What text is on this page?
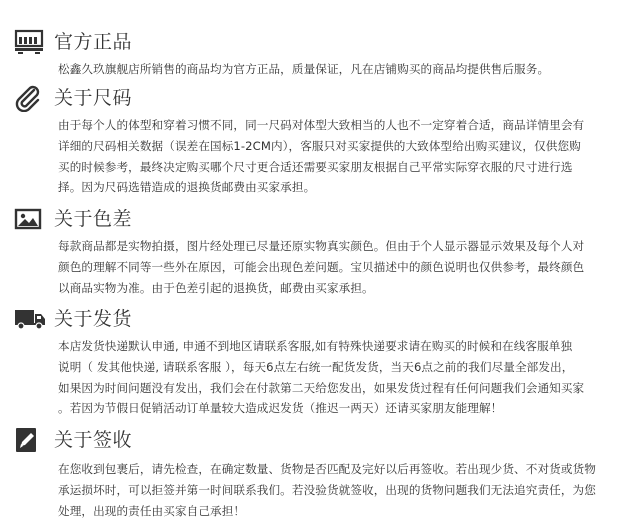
官方正品
松鑫久玖旗舰店所销售的商品均为官方正品，质量保证，凡在店铺购买的商品均提供售后服务。
关于尺码
由于每个人的体型和穿着习惯不同，同一尺码对体型大致相当的人也不一定穿着合适，商品详情里会有
详细的尺码相关数据（误差在国标1-2CM内），客服只对买家提供的大致体型给出购买建议，仅供您购
买的时候参考，最终决定购买哪个尺寸更合适还需要买家朋友根据自己平常实际穿衣服的尺寸进行选
择。因为尺码选错造成的退换货邮费由买家承担。
关于色差
每款商品都是实物拍摄，图片经处理已尽量还原实物真实颜色。但由于个人显示器显示效果及每个人对
颜色的理解不同等一些外在原因，可能会出现色差问题。宝贝描述中的颜色说明也仅供参考，最终颜色
以商品实物为准。由于色差引起的退换货，邮费由买家承担。
关于发货
本店发货快递默认申通, 申通不到地区请联系客服,如有特殊快递要求请在购买的时候和在线客服单独
说明（ 发其他快递, 请联系客服 ），每天6点左右统一配货发货，当天6点之前的我们尽量全部发出，
如果因为时间问题没有发出，我们会在付款第二天给您发出，如果发货过程有任何问题我们会通知买家
。若因为节假日促销活动订单量较大造成迟发货（推迟一两天）还请买家朋友能理解！
关于签收
在您收到包裹后，请先检查，在确定数量、货物是否匹配及完好以后再签收。若出现少货、不对货或货物
承运损坏时，可以拒签并第一时间联系我们。若没验货就签收，出现的货物问题我们无法追究责任，为您
处理，出现的责任由买家自己承担！
